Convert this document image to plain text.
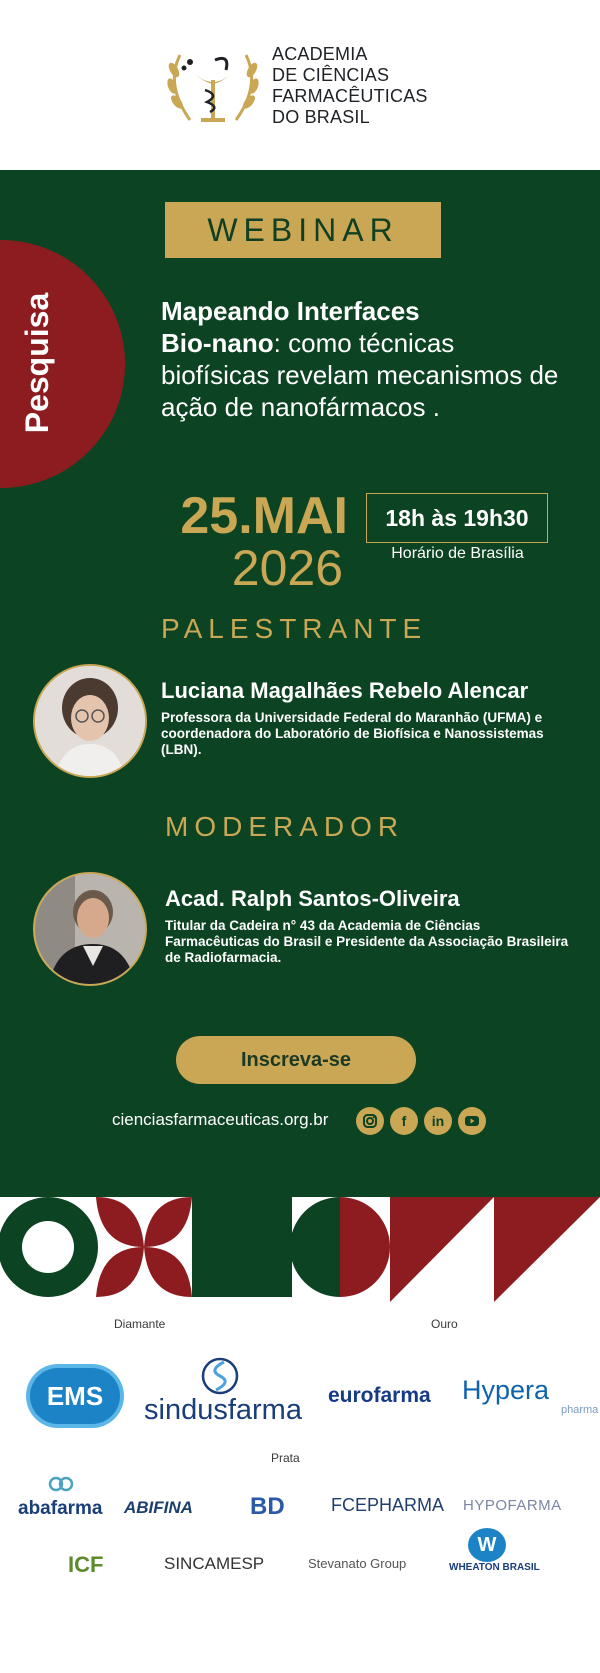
ACADEMIA
DE CIÊNCIAS
FARMACÊUTICAS
DO BRASIL
Pesquisa
WEBINAR
Mapeando Interfaces
Bio-nano: como técnicas biofísicas revelam mecanismos de ação de nanofármacos .
25.MAI
2026
18h às 19h30
Horário de Brasília
PALESTRANTE
Luciana Magalhães Rebelo Alencar
Professora da Universidade Federal do Maranhão (UFMA) e coordenadora do Laboratório de Biofísica e Nanossistemas (LBN).
MODERADOR
Acad. Ralph Santos-Oliveira
Titular da Cadeira n° 43 da Academia de Ciências Farmacêuticas do Brasil e Presidente da Associação Brasileira de Radiofarmacia.
Inscreva-se
cienciasfarmaceuticas.org.br	f	in
Diamante	Ouro
EMS	sindusfarma eurofarma Hypera
pharma
Prata
abafarma ABIFINA BD	FCEPHARMA HYPOFARMA
ICF	SINCAMESP	Stevanato Group
W
WHEATON BRASIL
